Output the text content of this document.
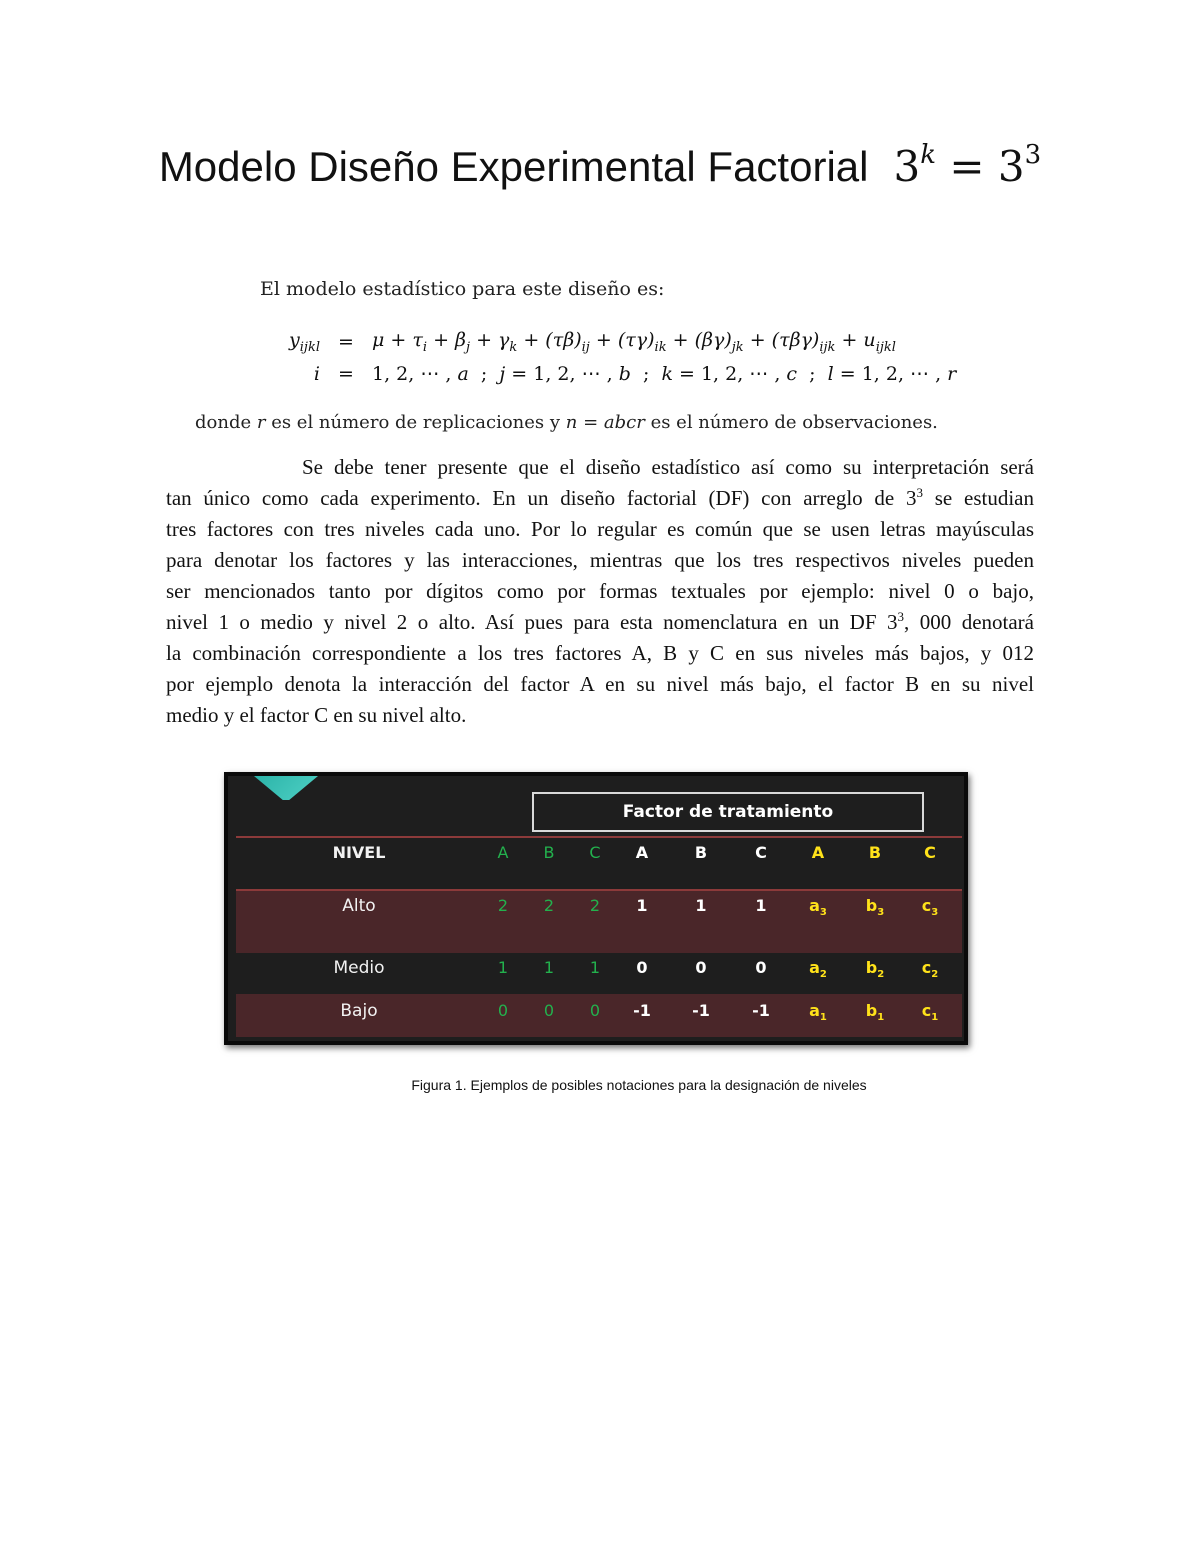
Modelo Diseño Experimental Factorial $3^k = 3^3$
El modelo estadístico para este diseño es:
$y_{ijkl} = \mu + \tau_i + \beta_j + \gamma_k + (\tau\beta)_{ij} + (\tau\gamma)_{ik} + (\beta\gamma)_{jk} + (\tau\beta\gamma)_{ijk} + u_{ijkl}$
i = 1, 2, ⋯ , a  ;  j = 1, 2, ⋯ , b  ;  k = 1, 2, ⋯ , c  ;  l = 1, 2, ⋯ , r
donde r es el número de replicaciones y n = abcr es el número de observaciones.
Se debe tener presente que el diseño estadístico así como su interpretación será
tan único como cada experimento. En un diseño factorial (DF) con arreglo de $3^3$ se estudian
tres factores con tres niveles cada uno. Por lo regular es común que se usen letras mayúsculas
para denotar los factores y las interacciones, mientras que los tres respectivos niveles pueden
ser mencionados tanto por dígitos como por formas textuales por ejemplo: nivel 0 o bajo,
nivel 1 o medio y nivel 2 o alto. Así pues para esta nomenclatura en un DF $3^3$, 000 denotará
la combinación correspondiente a los tres factores A, B y C en sus niveles más bajos, y 012
por ejemplo denota la interacción del factor A en su nivel más bajo, el factor B en su nivel
medio y el factor C en su nivel alto.
Factor de tratamiento
NIVEL	A	B	C	A	B	C	A	B	C
Alto	2	2	2	1	1	1	$a_3$	$b_3$	$c_3$
Medio	1	1	1	0	0	0	$a_2$	$b_2$	$c_2$
Bajo	0	0	0	-1	-1	-1	$a_1$	$b_1$	$c_1$
Figura 1. Ejemplos de posibles notaciones para la designación de niveles
